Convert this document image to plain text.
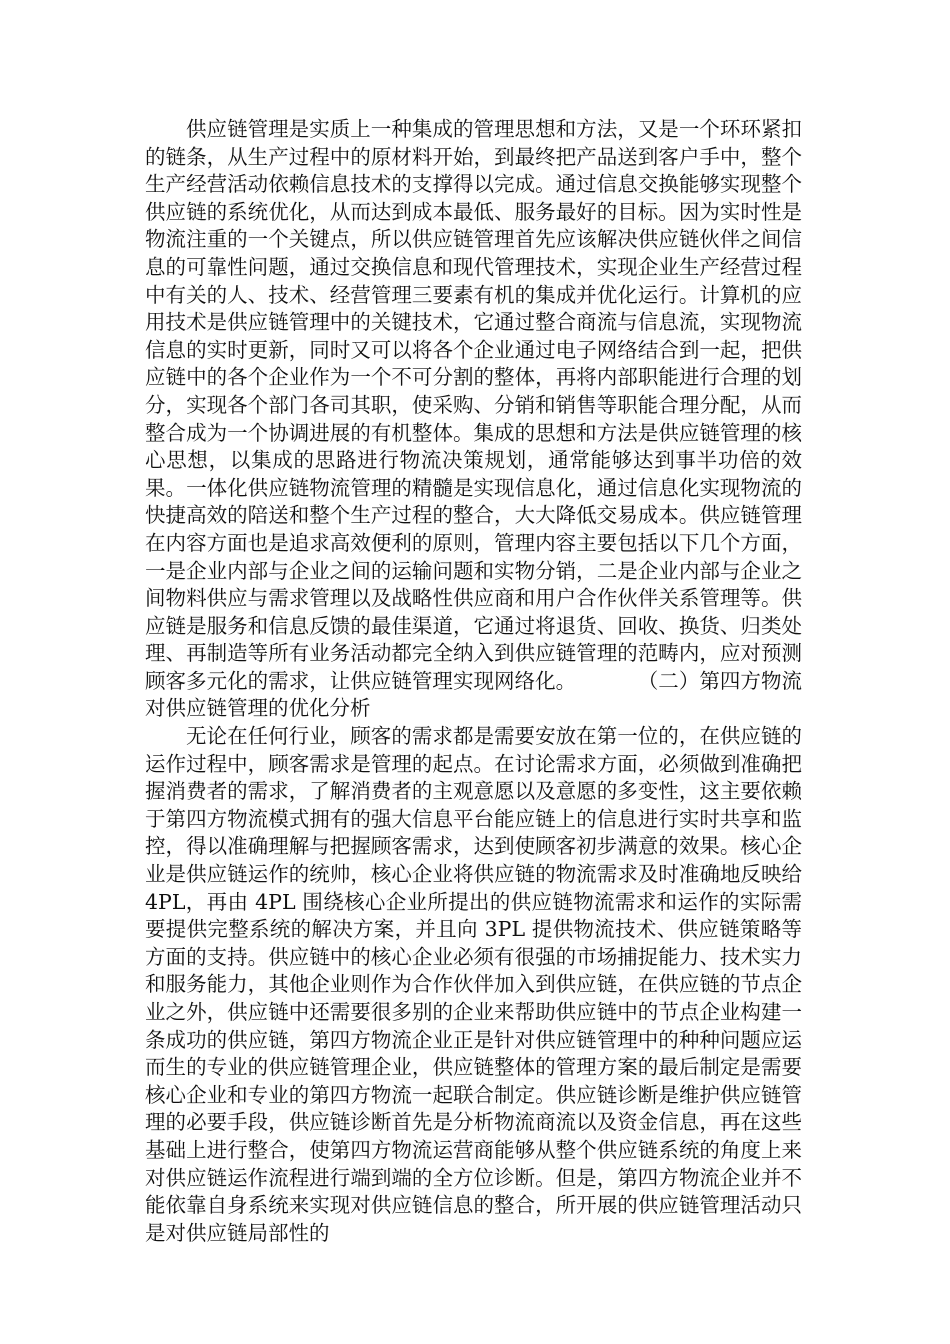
供应链管理是实质上一种集成的管理思想和方法，又是一个环环紧扣的链条，从生产过程中的原材料开始，到最终把产品送到客户手中，整个生产经营活动依赖信息技术的支撑得以完成。通过信息交换能够实现整个供应链的系统优化，从而达到成本最低、服务最好的目标。因为实时性是物流注重的一个关键点，所以供应链管理首先应该解决供应链伙伴之间信息的可靠性问题，通过交换信息和现代管理技术，实现企业生产经营过程中有关的人、技术、经营管理三要素有机的集成并优化运行。计算机的应用技术是供应链管理中的关键技术，它通过整合商流与信息流，实现物流信息的实时更新，同时又可以将各个企业通过电子网络结合到一起，把供应链中的各个企业作为一个不可分割的整体，再将内部职能进行合理的划分，实现各个部门各司其职，使采购、分销和销售等职能合理分配，从而整合成为一个协调进展的有机整体。集成的思想和方法是供应链管理的核心思想，以集成的思路进行物流决策规划，通常能够达到事半功倍的效果。一体化供应链物流管理的精髓是实现信息化，通过信息化实现物流的快捷高效的陪送和整个生产过程的整合，大大降低交易成本。供应链管理在内容方面也是追求高效便利的原则，管理内容主要包括以下几个方面，一是企业内部与企业之间的运输问题和实物分销，二是企业内部与企业之间物料供应与需求管理以及战略性供应商和用户合作伙伴关系管理等。供应链是服务和信息反馈的最佳渠道，它通过将退货、回收、换货、归类处理、再制造等所有业务活动都完全纳入到供应链管理的范畴内，应对预测顾客多元化的需求，让供应链管理实现网络化。　　　　（二）第四方物流对供应链管理的优化分析

无论在任何行业，顾客的需求都是需要安放在第一位的，在供应链的运作过程中，顾客需求是管理的起点。在讨论需求方面，必须做到准确把握消费者的需求，了解消费者的主观意愿以及意愿的多变性，这主要依赖于第四方物流模式拥有的强大信息平台能应链上的信息进行实时共享和监控，得以准确理解与把握顾客需求，达到使顾客初步满意的效果。核心企业是供应链运作的统帅，核心企业将供应链的物流需求及时准确地反映给 4PL，再由 4PL 围绕核心企业所提出的供应链物流需求和运作的实际需要提供完整系统的解决方案，并且向 3PL 提供物流技术、供应链策略等方面的支持。供应链中的核心企业必须有很强的市场捕捉能力、技术实力和服务能力，其他企业则作为合作伙伴加入到供应链，在供应链的节点企业之外，供应链中还需要很多别的企业来帮助供应链中的节点企业构建一条成功的供应链，第四方物流企业正是针对供应链管理中的种种问题应运而生的专业的供应链管理企业，供应链整体的管理方案的最后制定是需要核心企业和专业的第四方物流一起联合制定。供应链诊断是维护供应链管理的必要手段，供应链诊断首先是分析物流商流以及资金信息，再在这些基础上进行整合，使第四方物流运营商能够从整个供应链系统的角度上来对供应链运作流程进行端到端的全方位诊断。但是，第四方物流企业并不能依靠自身系统来实现对供应链信息的整合，所开展的供应链管理活动只是对供应链局部性的
